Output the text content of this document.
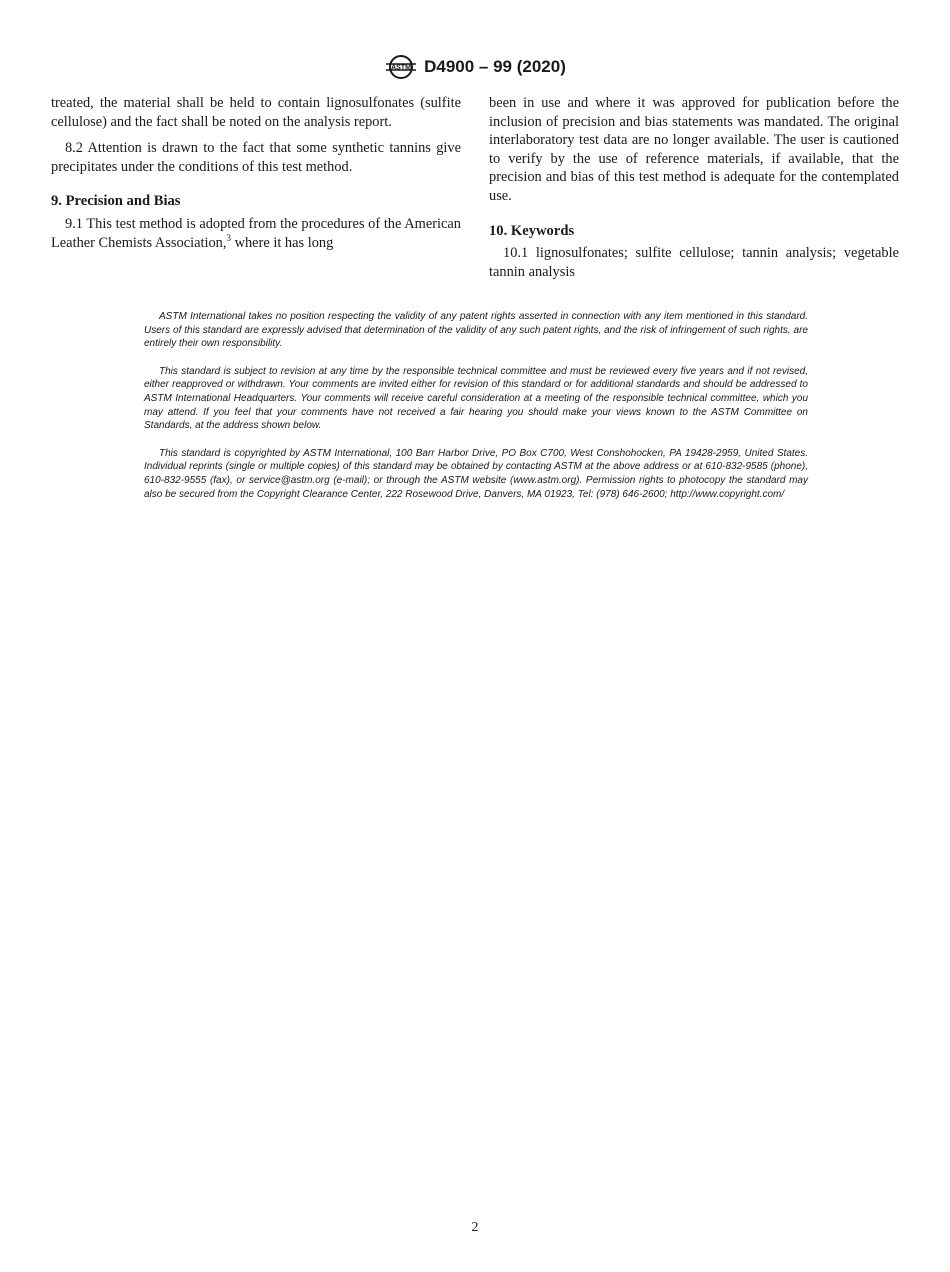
ASTM D4900 – 99 (2020)

treated, the material shall be held to contain lignosulfonates (sulfite cellulose) and the fact shall be noted on the analysis report.

8.2 Attention is drawn to the fact that some synthetic tannins give precipitates under the conditions of this test method.

9. Precision and Bias

9.1 This test method is adopted from the procedures of the American Leather Chemists Association,$^3$ where it has long

been in use and where it was approved for publication before the inclusion of precision and bias statements was mandated. The original interlaboratory test data are no longer available. The user is cautioned to verify by the use of reference materials, if available, that the precision and bias of this test method is adequate for the contemplated use.

10. Keywords

10.1 lignosulfonates; sulfite cellulose; tannin analysis; vegetable tannin analysis

ASTM International takes no position respecting the validity of any patent rights asserted in connection with any item mentioned in this standard. Users of this standard are expressly advised that determination of the validity of any such patent rights, and the risk of infringement of such rights, are entirely their own responsibility.

This standard is subject to revision at any time by the responsible technical committee and must be reviewed every five years and if not revised, either reapproved or withdrawn. Your comments are invited either for revision of this standard or for additional standards and should be addressed to ASTM International Headquarters. Your comments will receive careful consideration at a meeting of the responsible technical committee, which you may attend. If you feel that your comments have not received a fair hearing you should make your views known to the ASTM Committee on Standards, at the address shown below.

This standard is copyrighted by ASTM International, 100 Barr Harbor Drive, PO Box C700, West Conshohocken, PA 19428-2959, United States. Individual reprints (single or multiple copies) of this standard may be obtained by contacting ASTM at the above address or at 610-832-9585 (phone), 610-832-9555 (fax), or service@astm.org (e-mail); or through the ASTM website (www.astm.org). Permission rights to photocopy the standard may also be secured from the Copyright Clearance Center, 222 Rosewood Drive, Danvers, MA 01923, Tel: (978) 646-2600; http://www.copyright.com/

2
